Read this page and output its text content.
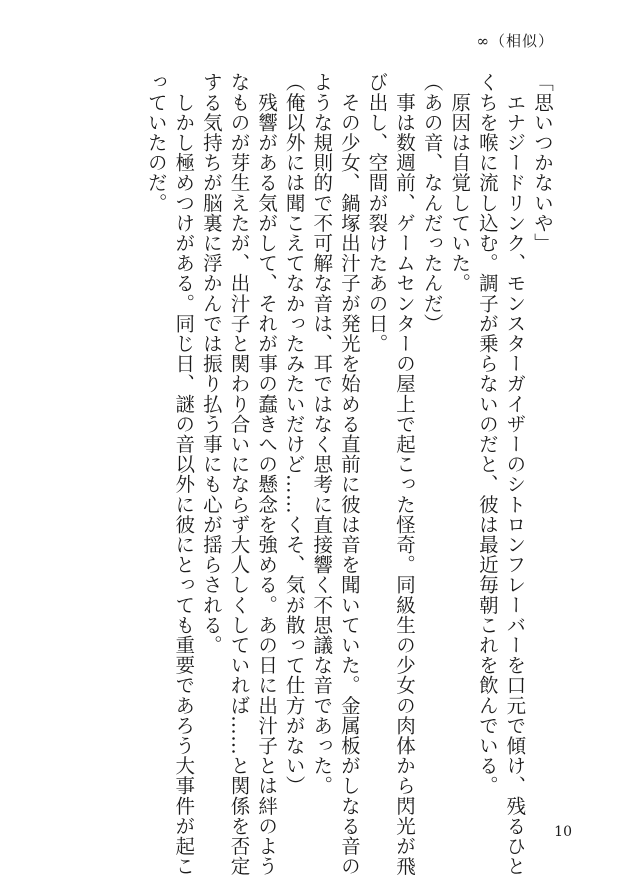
∞（相似）
「思いつかないや」
　エナジードリンク、モンスターガイザーのシトロンフレーバーを口元で傾け、残るひと
くちを喉に流し込む。調子が乗らないのだと、彼は最近毎朝これを飲んでいる。
　原因は自覚していた。
（あの音、なんだったんだ）
　事は数週前、ゲームセンターの屋上で起こった怪奇。同級生の少女の肉体から閃光が飛
び出し、空間が裂けたあの日。
　その少女、鍋塚出汁子が発光を始める直前に彼は音を聞いていた。金属板がしなる音の
ような規則的で不可解な音は、耳ではなく思考に直接響く不思議な音であった。
（俺以外には聞こえてなかったみたいだけど……くそ、気が散って仕方がない）
　残響がある気がして、それが事の蠢きへの懸念を強める。あの日に出汁子とは絆のよう
なものが芽生えたが、出汁子と関わり合いにならず大人しくしていれば……と関係を否定
する気持ちが脳裏に浮かんでは振り払う事にも心が揺らされる。
　しかし極めつけがある。同じ日、謎の音以外に彼にとっても重要であろう大事件が起こ
っていたのだ。
10
